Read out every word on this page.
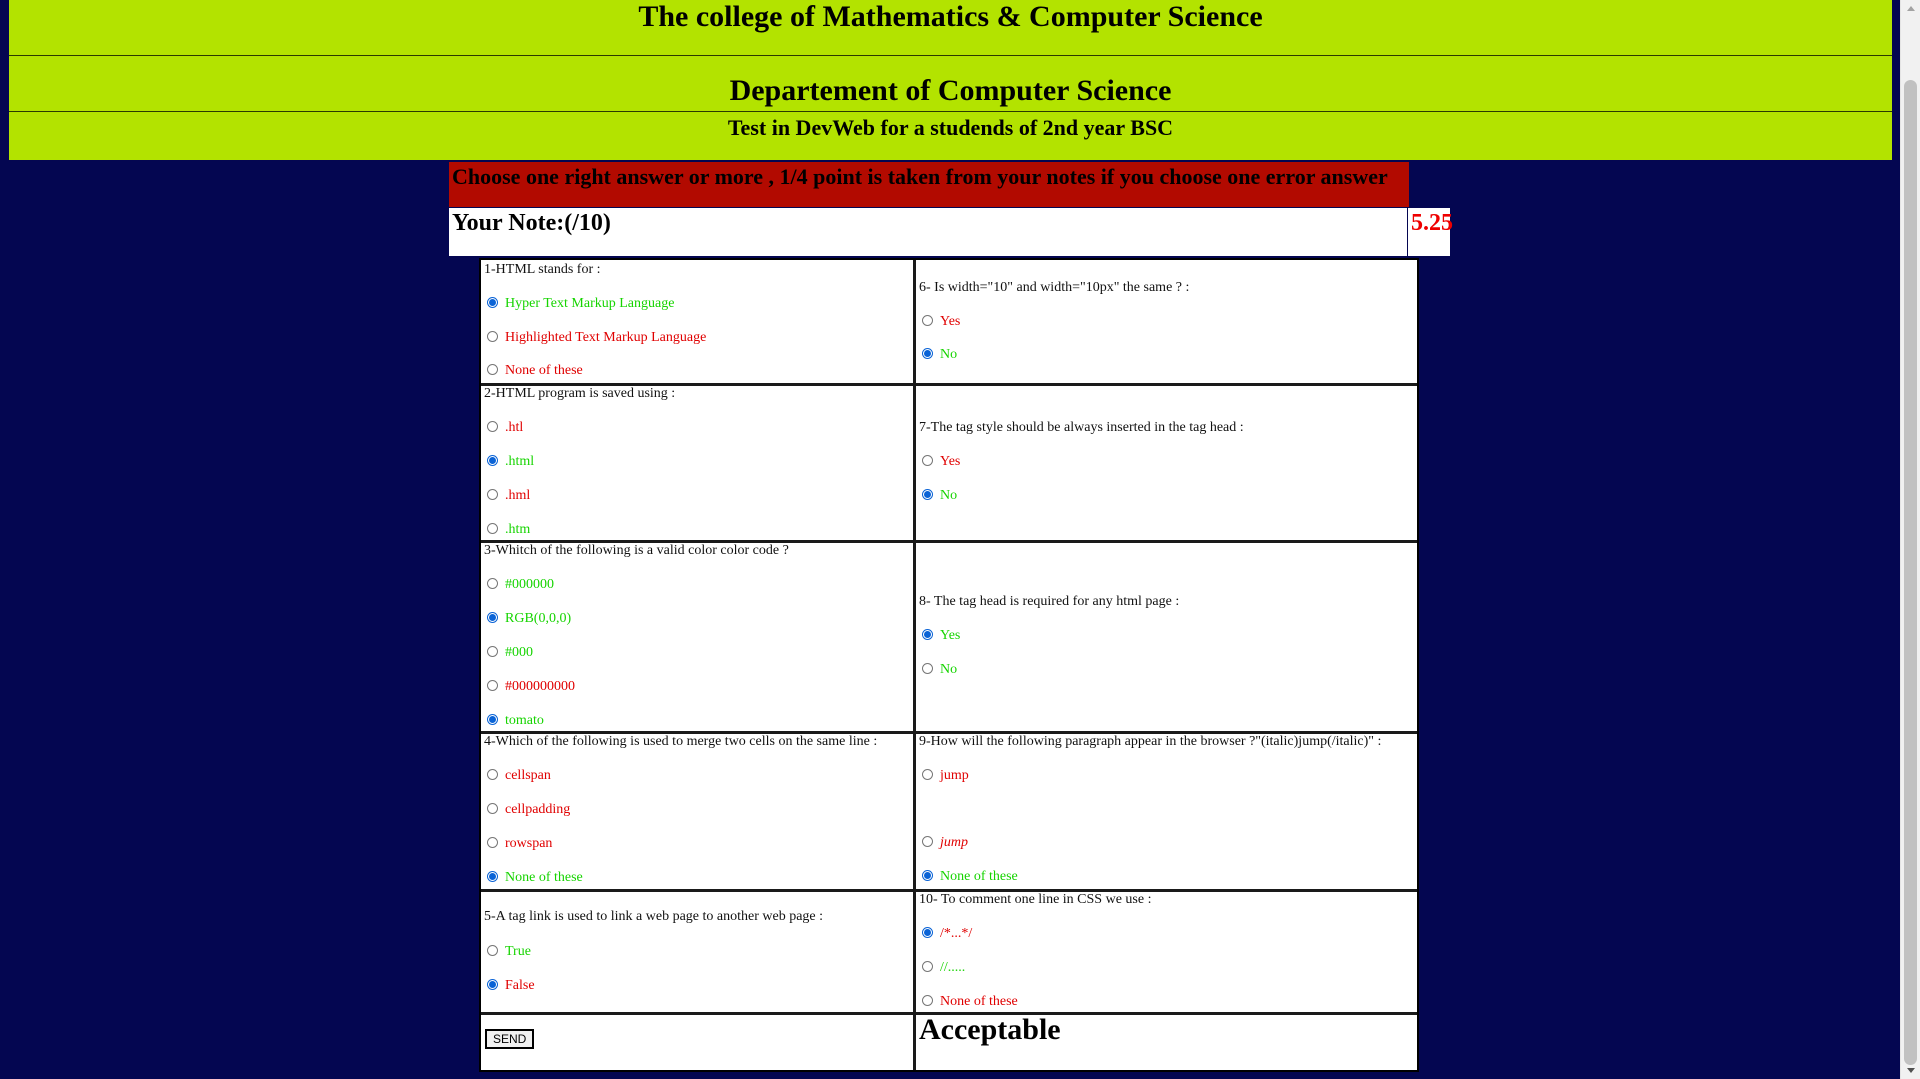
The college of Mathematics & Computer Science
Departement of Computer Science
Test in DevWeb for a studends of 2nd year BSC
Choose one right answer or more , 1/4 point is taken from your notes if you choose one error answer
Your Note:(/10)	5.25
1-HTML stands for :
Hyper Text Markup Language
Highlighted Text Markup Language
None of these
6- Is width="10" and width="10px" the same ? :
Yes
No
2-HTML program is saved using :
.htl
.html
.hml
.htm
7-The tag style should be always inserted in the tag head :
Yes
No
3-Whitch of the following is a valid color color code ?
#000000
RGB(0,0,0)
#000
#000000000
tomato
8- The tag head is required for any html page :
Yes
No
4-Which of the following is used to merge two cells on the same line :
cellspan
cellpadding
rowspan
None of these
9-How will the following paragraph appear in the browser ?"(italic)jump(/italic)" :
jump
jump
None of these
5-A tag link is used to link a web page to another web page :
True
False
10- To comment one line in CSS we use :
/*...*/
//.....
None of these
SEND	Acceptable
